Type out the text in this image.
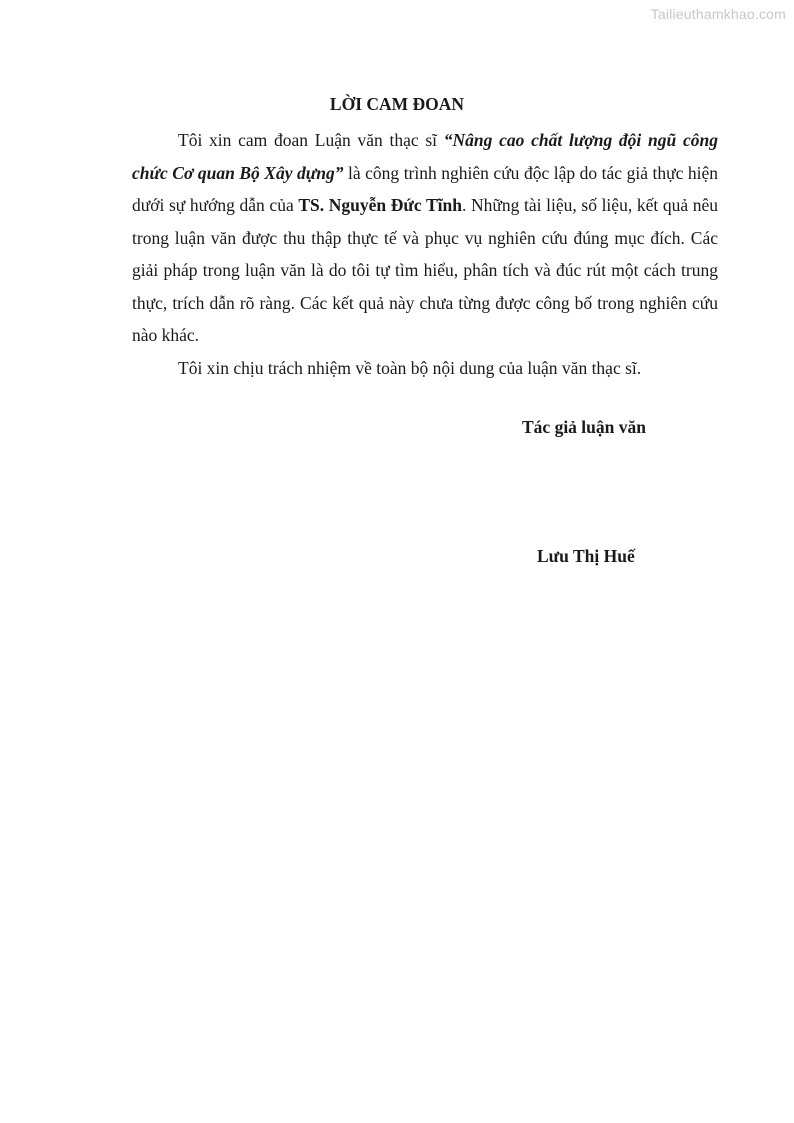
Tailieuthamkhao.com
LỜI CAM ĐOAN

Tôi xin cam đoan Luận văn thạc sĩ “Nâng cao chất lượng đội ngũ công chức Cơ quan Bộ Xây dựng” là công trình nghiên cứu độc lập do tác giả thực hiện dưới sự hướng dẫn của TS. Nguyễn Đức Tĩnh. Những tài liệu, số liệu, kết quả nêu trong luận văn được thu thập thực tế và phục vụ nghiên cứu đúng mục đích. Các giải pháp trong luận văn là do tôi tự tìm hiểu, phân tích và đúc rút một cách trung thực, trích dẫn rõ ràng. Các kết quả này chưa từng được công bố trong nghiên cứu nào khác.

Tôi xin chịu trách nhiệm về toàn bộ nội dung của luận văn thạc sĩ.

Tác giả luận văn
Lưu Thị Huế
